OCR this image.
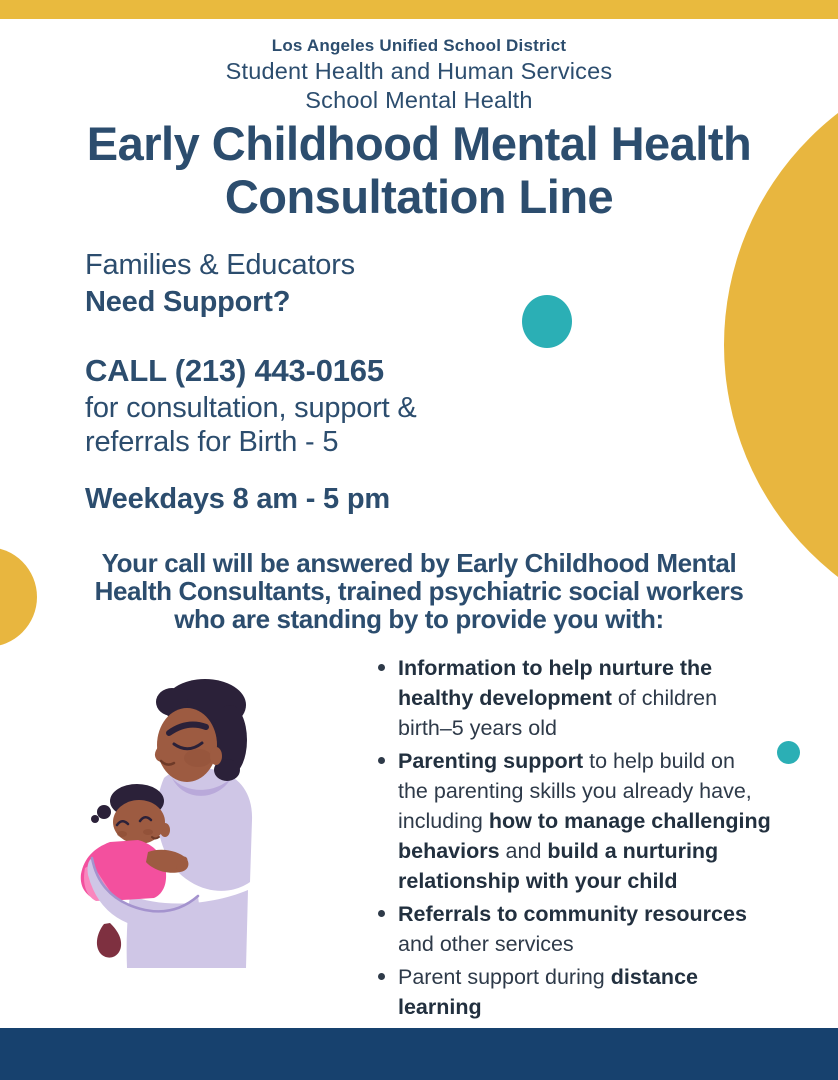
Los Angeles Unified School District
Student Health and Human Services
School Mental Health
Early Childhood Mental Health
Consultation Line
Families & Educators
Need Support?
CALL (213) 443-0165
for consultation, support &
referrals for Birth - 5
Weekdays 8 am - 5 pm
Your call will be answered by Early Childhood Mental
Health Consultants, trained psychiatric social workers
who are standing by to provide you with:
Information to help nurture the
healthy development of children
birth–5 years old
Parenting support to help build on
the parenting skills you already have,
including how to manage challenging
behaviors and build a nurturing
relationship with your child
Referrals to community resources
and other services
Parent support during distance
learning
